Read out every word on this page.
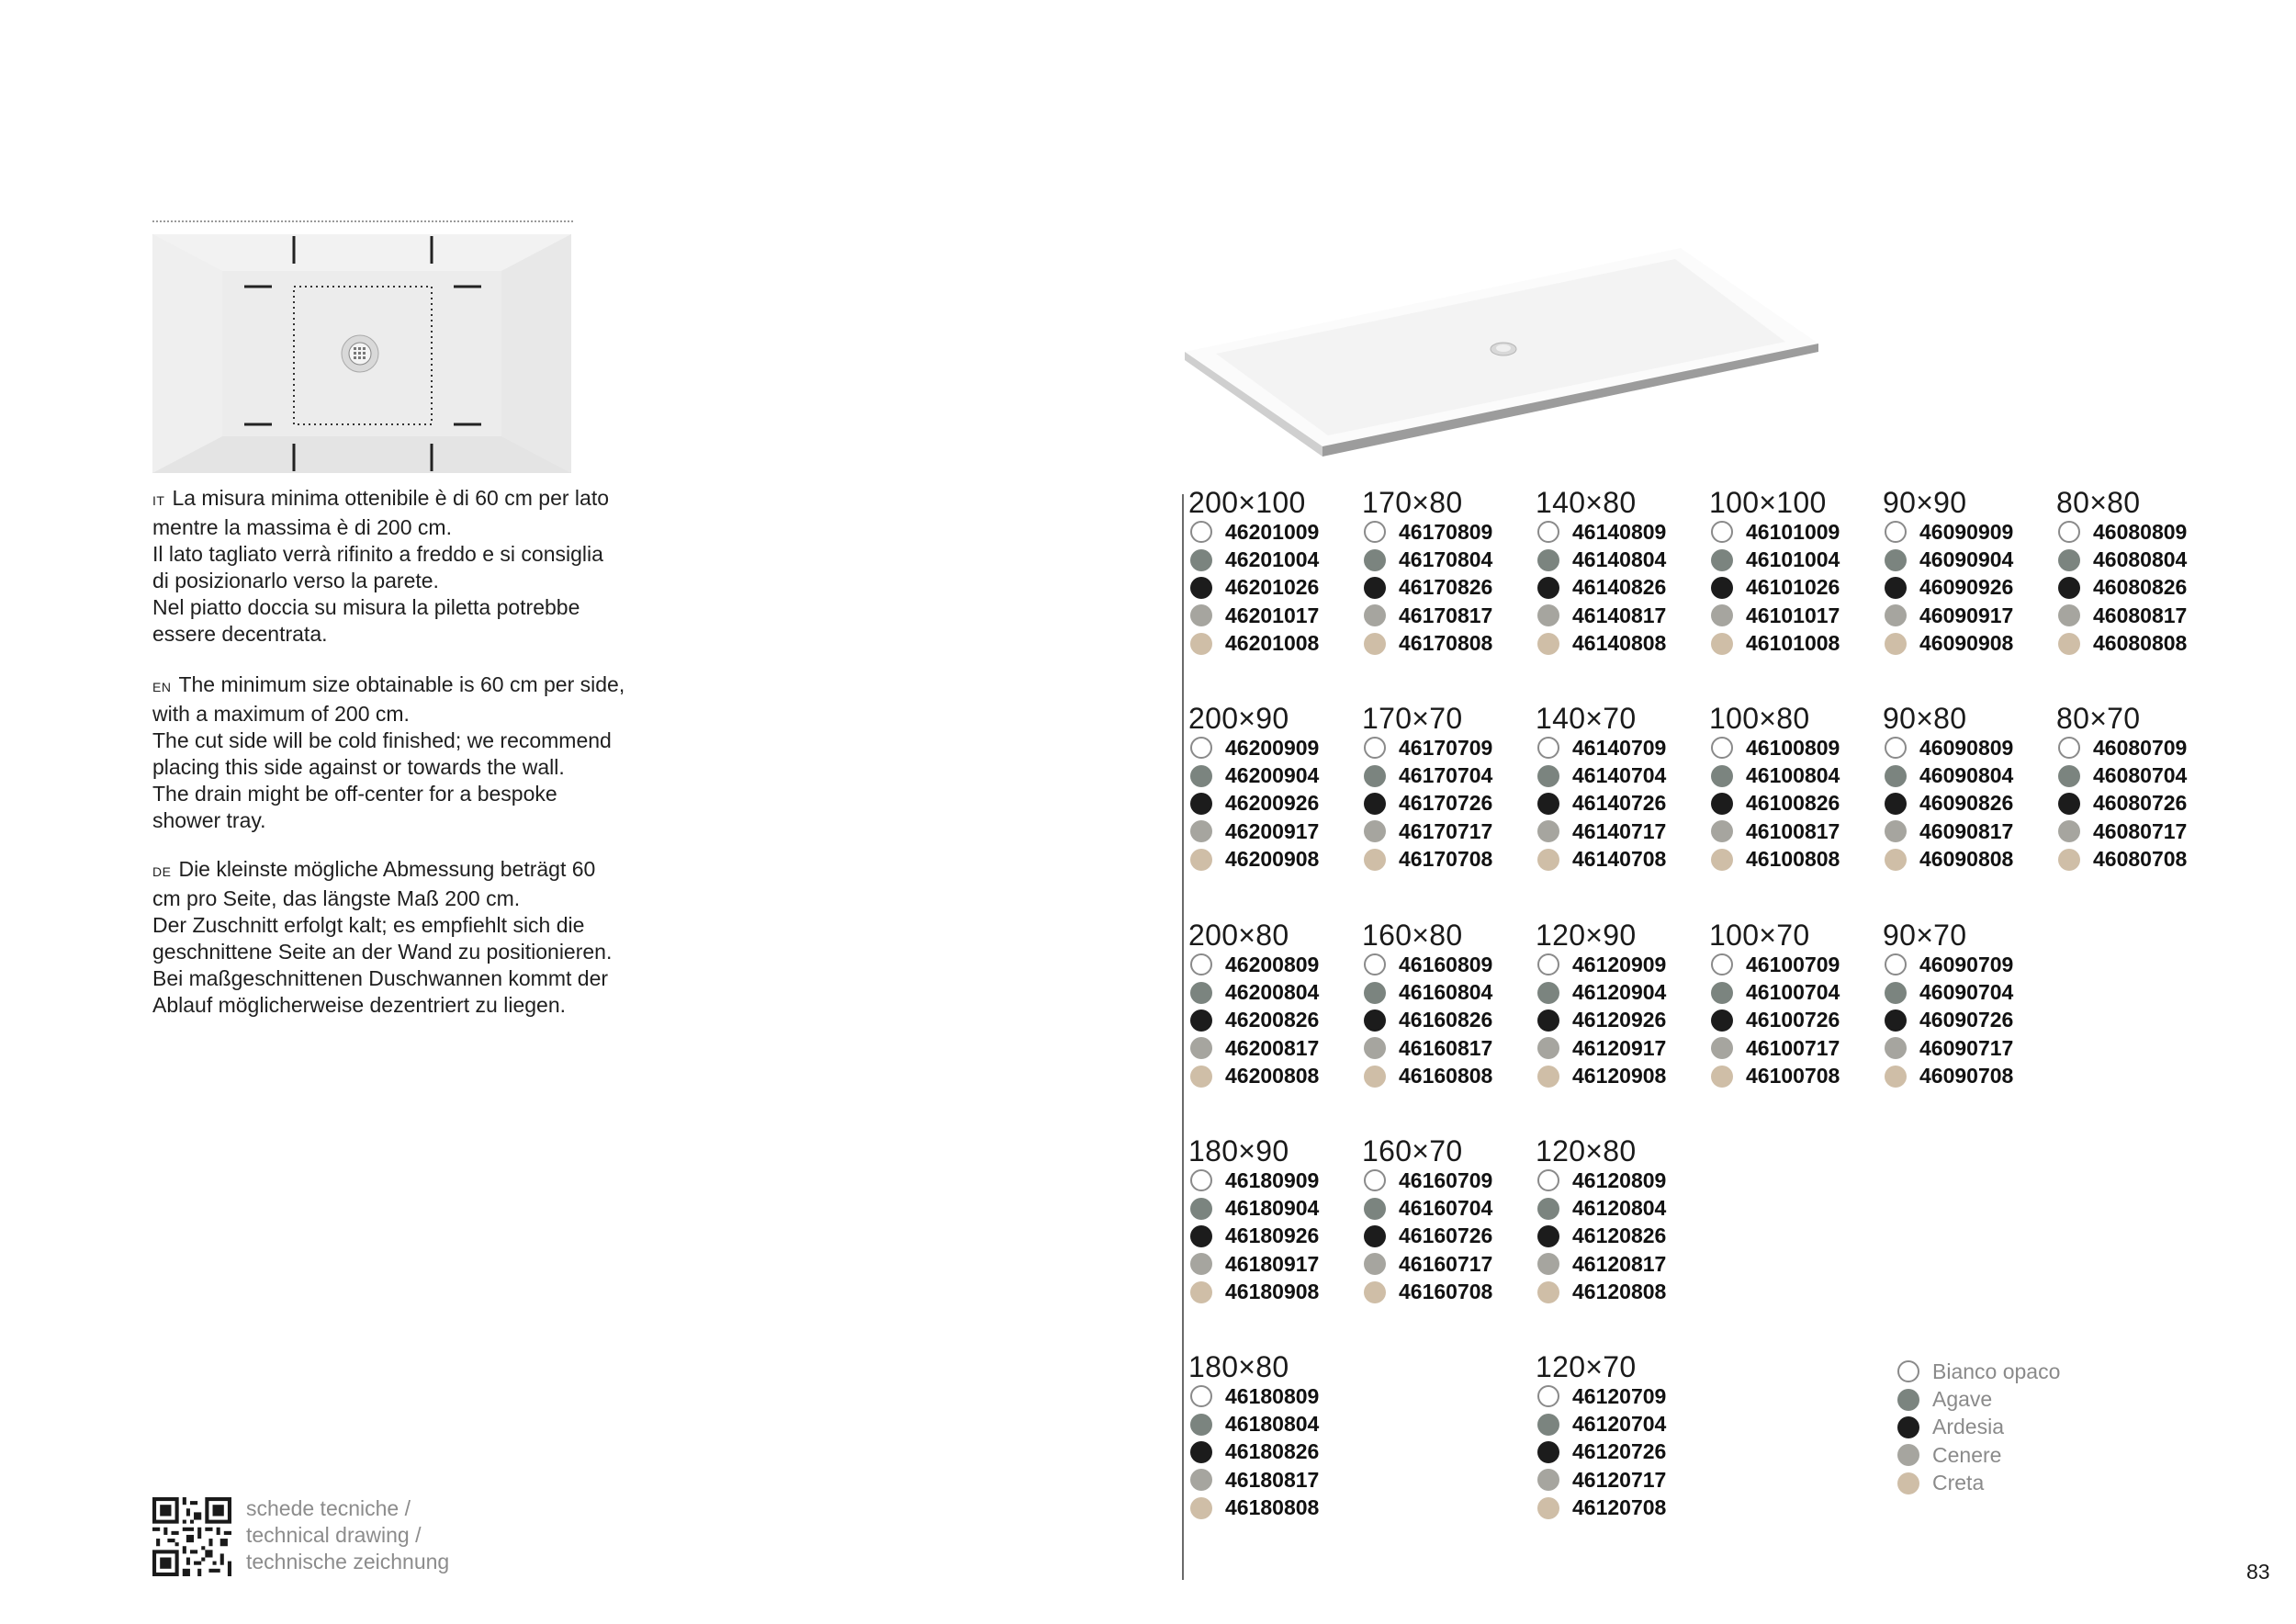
IT La misura minima ottenibile è di 60 cm per lato
mentre la massima è di 200 cm.
Il lato tagliato verrà rifinito a freddo e si consiglia
di posizionarlo verso la parete.
Nel piatto doccia su misura la piletta potrebbe
essere decentrata.
EN The minimum size obtainable is 60 cm per side,
with a maximum of 200 cm.
The cut side will be cold finished; we recommend
placing this side against or towards the wall.
The drain might be off-center for a bespoke
shower tray.
DE Die kleinste mögliche Abmessung beträgt 60
cm pro Seite, das längste Maß 200 cm.
Der Zuschnitt erfolgt kalt; es empfiehlt sich die
geschnittene Seite an der Wand zu positionieren.
Bei maßgeschnittenen Duschwannen kommt der
Ablauf möglicherweise dezentriert zu liegen.
schede tecniche /
technical drawing /
technische zeichnung
200×100
46201009
46201004
46201026
46201017
46201008
170×80
46170809
46170804
46170826
46170817
46170808
140×80
46140809
46140804
46140826
46140817
46140808
100×100
46101009
46101004
46101026
46101017
46101008
90×90
46090909
46090904
46090926
46090917
46090908
80×80
46080809
46080804
46080826
46080817
46080808
200×90
46200909
46200904
46200926
46200917
46200908
170×70
46170709
46170704
46170726
46170717
46170708
140×70
46140709
46140704
46140726
46140717
46140708
100×80
46100809
46100804
46100826
46100817
46100808
90×80
46090809
46090804
46090826
46090817
46090808
80×70
46080709
46080704
46080726
46080717
46080708
200×80
46200809
46200804
46200826
46200817
46200808
160×80
46160809
46160804
46160826
46160817
46160808
120×90
46120909
46120904
46120926
46120917
46120908
100×70
46100709
46100704
46100726
46100717
46100708
90×70
46090709
46090704
46090726
46090717
46090708
180×90
46180909
46180904
46180926
46180917
46180908
160×70
46160709
46160704
46160726
46160717
46160708
120×80
46120809
46120804
46120826
46120817
46120808
180×80
46180809
46180804
46180826
46180817
46180808
120×70
46120709
46120704
46120726
46120717
46120708
Bianco opaco
Agave
Ardesia
Cenere
Creta
83
